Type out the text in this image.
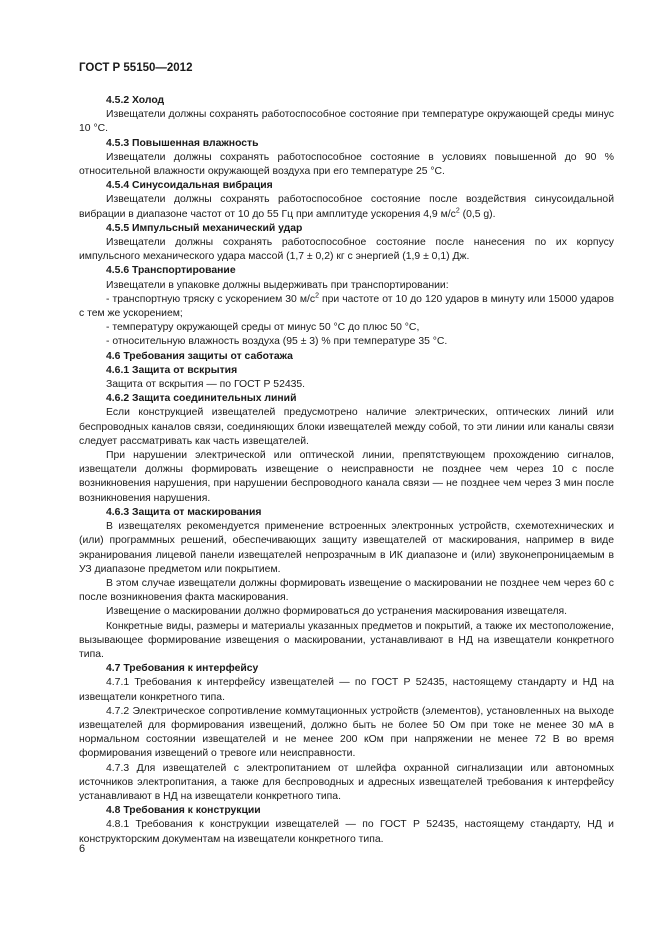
ГОСТ Р 55150—2012

4.5.2 Холод

Извещатели должны сохранять работоспособное состояние при температуре окружающей среды минус 10 °С.

4.5.3 Повышенная влажность

Извещатели должны сохранять работоспособное состояние в условиях повышенной до 90 % относительной влажности окружающей воздуха при его температуре 25 °С.

4.5.4 Синусоидальная вибрация

Извещатели должны сохранять работоспособное состояние после воздействия синусоидальной вибрации в диапазоне частот от 10 до 55 Гц при амплитуде ускорения 4,9 $м/с^2$ (0,5 g).

4.5.5 Импульсный механический удар

Извещатели должны сохранять работоспособное состояние после нанесения по их корпусу импульсного механического удара массой (1,7 ± 0,2) кг с энергией (1,9 ± 0,1) Дж.

4.5.6 Транспортирование

Извещатели в упаковке должны выдерживать при транспортировании:

- транспортную тряску с ускорением 30 $м/с^2$ при частоте от 10 до 120 ударов в минуту или 15000 ударов с тем же ускорением;

- температуру окружающей среды от минус 50 °С до плюс 50 °С,

- относительную влажность воздуха (95 ± 3) % при температуре 35 °С.

4.6 Требования защиты от саботажа

4.6.1 Защита от вскрытия

Защита от вскрытия — по ГОСТ Р 52435.

4.6.2 Защита соединительных линий

Если конструкцией извещателей предусмотрено наличие электрических, оптических линий или беспроводных каналов связи, соединяющих блоки извещателей между собой, то эти линии или каналы связи следует рассматривать как часть извещателей.

При нарушении электрической или оптической линии, препятствующем прохождению сигналов, извещатели должны формировать извещение о неисправности не позднее чем через 10 с после возникновения нарушения, при нарушении беспроводного канала связи — не позднее чем через 3 мин после возникновения нарушения.

4.6.3 Защита от маскирования

В извещателях рекомендуется применение встроенных электронных устройств, схемотехнических и (или) программных решений, обеспечивающих защиту извещателей от маскирования, например в виде экранирования лицевой панели извещателей непрозрачным в ИК диапазоне и (или) звуконепроницаемым в УЗ диапазоне предметом или покрытием.

В этом случае извещатели должны формировать извещение о маскировании не позднее чем через 60 с после возникновения факта маскирования.

Извещение о маскировании должно формироваться до устранения маскирования извещателя.

Конкретные виды, размеры и материалы указанных предметов и покрытий, а также их местоположение, вызывающее формирование извещения о маскировании, устанавливают в НД на извещатели конкретного типа.

4.7 Требования к интерфейсу

4.7.1 Требования к интерфейсу извещателей — по ГОСТ Р 52435, настоящему стандарту и НД на извещатели конкретного типа.

4.7.2 Электрическое сопротивление коммутационных устройств (элементов), установленных на выходе извещателей для формирования извещений, должно быть не более 50 Ом при токе не менее 30 мА в нормальном состоянии извещателей и не менее 200 кОм при напряжении не менее 72 В во время формирования извещений о тревоге или неисправности.

4.7.3 Для извещателей с электропитанием от шлейфа охранной сигнализации или автономных источников электропитания, а также для беспроводных и адресных извещателей требования к интерфейсу устанавливают в НД на извещатели конкретного типа.

4.8 Требования к конструкции

4.8.1 Требования к конструкции извещателей — по ГОСТ Р 52435, настоящему стандарту, НД и конструкторским документам на извещатели конкретного типа.

6
